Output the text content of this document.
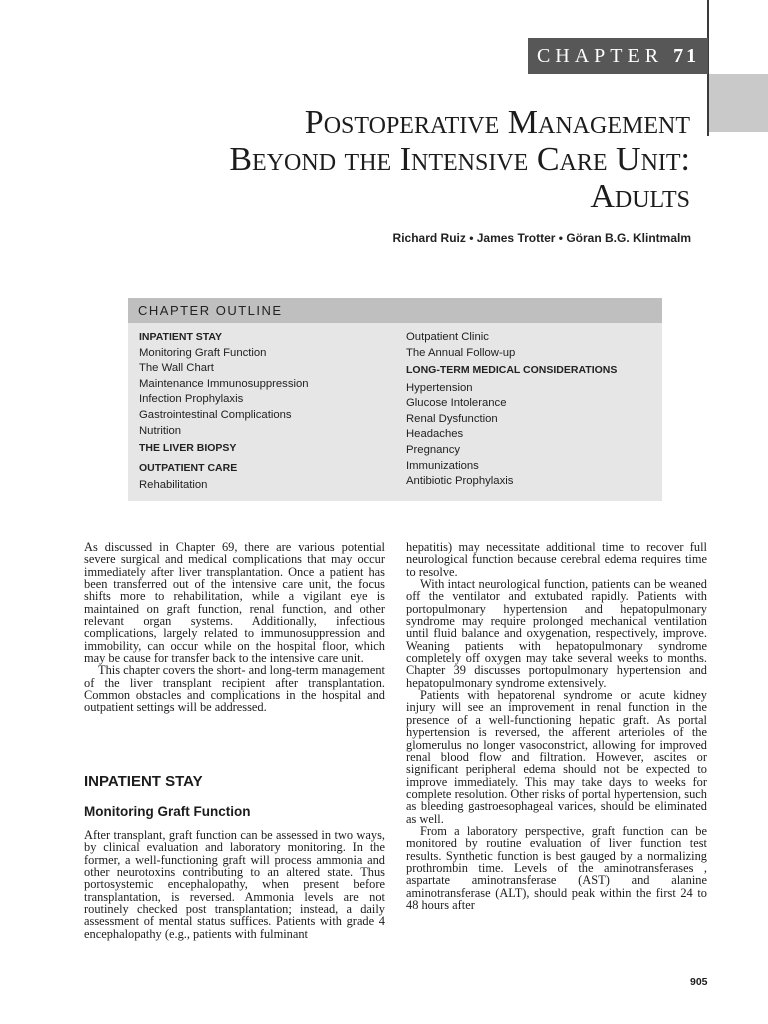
CHAPTER 71
Postoperative Management
Beyond the Intensive Care Unit:
Adults
Richard Ruiz • James Trotter • Göran B.G. Klintmalm
CHAPTER OUTLINE
INPATIENT STAY
Monitoring Graft Function
The Wall Chart
Maintenance Immunosuppression
Infection Prophylaxis
Gastrointestinal Complications
Nutrition
THE LIVER BIOPSY
OUTPATIENT CARE
Rehabilitation
Outpatient Clinic
The Annual Follow-up
LONG-TERM MEDICAL CONSIDERATIONS
Hypertension
Glucose Intolerance
Renal Dysfunction
Headaches
Pregnancy
Immunizations
Antibiotic Prophylaxis

As discussed in Chapter 69, there are various potential severe surgical and medical complications that may occur immediately after liver transplantation. Once a patient has been transferred out of the intensive care unit, the focus shifts more to rehabilitation, while a vigilant eye is maintained on graft function, renal function, and other relevant organ systems. Additionally, infectious complications, largely related to immunosuppression and immobility, can occur while on the hospital floor, which may be cause for transfer back to the intensive care unit.

This chapter covers the short- and long-term management of the liver transplant recipient after transplantation. Common obstacles and complications in the hospital and outpatient settings will be addressed.

INPATIENT STAY
Monitoring Graft Function

After transplant, graft function can be assessed in two ways, by clinical evaluation and laboratory monitoring. In the former, a well-functioning graft will process ammonia and other neurotoxins contributing to an altered state. Thus portosystemic encephalopathy, when present before transplantation, is reversed. Ammonia levels are not routinely checked post transplantation; instead, a daily assessment of mental status suffices. Patients with grade 4 encephalopathy (e.g., patients with fulminant

hepatitis) may necessitate additional time to recover full neurological function because cerebral edema requires time to resolve.

With intact neurological function, patients can be weaned off the ventilator and extubated rapidly. Patients with portopulmonary hypertension and hepatopulmonary syndrome may require prolonged mechanical ventilation until fluid balance and oxygenation, respectively, improve. Weaning patients with hepatopulmonary syndrome completely off oxygen may take several weeks to months. Chapter 39 discusses portopulmonary hypertension and hepatopulmonary syndrome extensively.

Patients with hepatorenal syndrome or acute kidney injury will see an improvement in renal function in the presence of a well-functioning hepatic graft. As portal hypertension is reversed, the afferent arterioles of the glomerulus no longer vasoconstrict, allowing for improved renal blood flow and filtration. However, ascites or significant peripheral edema should not be expected to improve immediately. This may take days to weeks for complete resolution. Other risks of portal hypertension, such as bleeding gastroesophageal varices, should be eliminated as well.

From a laboratory perspective, graft function can be monitored by routine evaluation of liver function test results. Synthetic function is best gauged by a normalizing prothrombin time. Levels of the aminotransferases , aspartate aminotransferase (AST) and alanine aminotransferase (ALT), should peak within the first 24 to 48 hours after

905
